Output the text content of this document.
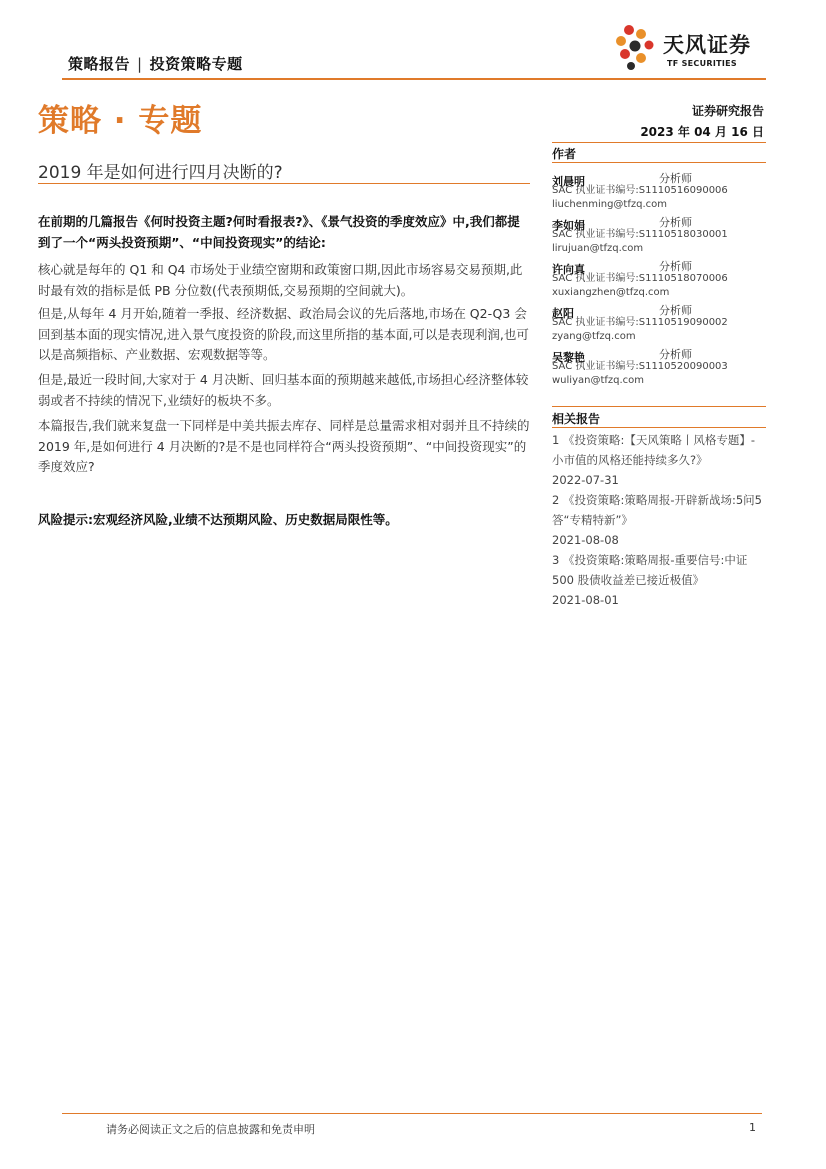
策略报告 | 投资策略专题
天风证券
TF SECURITIES
策略 · 专题
2019 年是如何进行四月决断的?
证券研究报告
2023 年 04 月 16 日
作者
刘晨明	分析师
SAC 执业证书编号:S1110516090006
liuchenming@tfzq.com
李如娟	分析师
SAC 执业证书编号:S1110518030001
lirujuan@tfzq.com
许向真	分析师
SAC 执业证书编号:S1110518070006
xuxiangzhen@tfzq.com
赵阳	分析师
SAC 执业证书编号:S1110519090002
zyang@tfzq.com
吴黎艳	分析师
SAC 执业证书编号:S1110520090003
wuliyan@tfzq.com
相关报告
1 《投资策略:【天风策略丨风格专题】-小市值的风格还能持续多久?》
2022-07-31
2 《投资策略:策略周报-开辟新战场:5问5答“专精特新”》
2021-08-08
3 《投资策略:策略周报-重要信号:中证 500 股债收益差已接近极值》
2021-08-01

在前期的几篇报告《何时投资主题?何时看报表?》、《景气投资的季度效应》中,我们都提到了一个“两头投资预期”、“中间投资现实”的结论:

核心就是每年的 Q1 和 Q4 市场处于业绩空窗期和政策窗口期,因此市场容易交易预期,此时最有效的指标是低 PB 分位数(代表预期低,交易预期的空间就大)。

但是,从每年 4 月开始,随着一季报、经济数据、政治局会议的先后落地,市场在 Q2-Q3 会回到基本面的现实情况,进入景气度投资的阶段,而这里所指的基本面,可以是表现利润,也可以是高频指标、产业数据、宏观数据等等。

但是,最近一段时间,大家对于 4 月决断、回归基本面的预期越来越低,市场担心经济整体较弱或者不持续的情况下,业绩好的板块不多。

本篇报告,我们就来复盘一下同样是中美共振去库存、同样是总量需求相对弱并且不持续的 2019 年,是如何进行 4 月决断的?是不是也同样符合“两头投资预期”、“中间投资现实”的季度效应?

风险提示:宏观经济风险,业绩不达预期风险、历史数据局限性等。
请务必阅读正文之后的信息披露和免责申明	1
